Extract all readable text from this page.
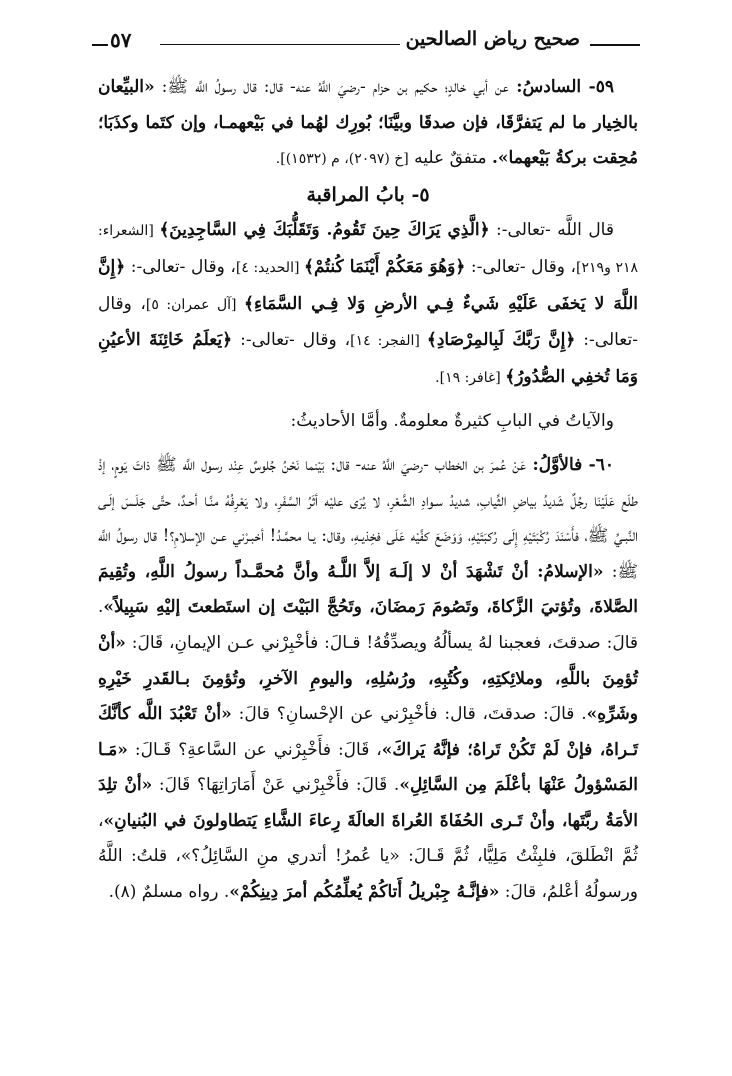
صحيح رياض الصالحين
٥٧

٥٩- السادسُ: عن أبي خالدٍ؛ حكيم بن حزام -رضيَ اللَّهُ عنه- قال: قال رسولُ اللَّه ﷺ: «البيِّعان بالخِيار ما لم يَتفرَّقَا، فإن صدقَا وبيَّنَا؛ بُورِك لهُما في بَيْعهمـا، وإن كتَما وكذَبَا؛ مُحِقت بركةُ بَيْعهما». متفقٌ عليه [خ (٢٠٩٧)، م (١٥٣٢)].

٥- بابُ المراقبة

قال اللَّه -تعالى-: ﴿الَّذِي يَرَاكَ حِينَ تَقُومُ. وَتَقَلُّبَكَ فِي السَّاجِدِينَ﴾ [الشعراء: ٢١٨ و٢١٩]، وقال -تعالى-: ﴿وَهُوَ مَعَكُمْ أَيْنَمَا كُنتُمْ﴾ [الحديد: ٤]، وقال -تعالى-: ﴿إِنَّ اللَّهَ لا يَخفَى عَلَيْهِ شَيءٌ فِـي الأرضِ وَلا فِـي السَّمَاءِ﴾ [آل عمران: ٥]، وقال -تعالى-: ﴿إِنَّ رَبَّكَ لَبِالمِرْصَادِ﴾ [الفجر: ١٤]، وقال -تعالى-: ﴿يَعلَمُ خَائِنَةَ الأعيُنِ وَمَا تُخفِي الصُّدُورُ﴾ [غافر: ١٩].

والآياتُ في البابِ كثيرةٌ معلومةٌ. وأمَّا الأحاديثُ:

٦٠- فالأوَّلُ: عَنْ عُمرَ بن الخطاب -رضيَ اللَّهُ عنه- قال: بَيْنما نَحْنُ جُلوسٌ عِنْد رسول اللَّه ﷺ ذاتَ يَومٍ، إذْ طلَع عَلَيْنَا رجُلٌ شَديدُ بياضِ الثِّيابِ، شديدُ سـوادِ الشَّعْرِ، لا يُرَى عليْه أثَرُ السَّفَرِ، ولا يَعْرِفُهُ منَّـا أحـدٌ، حتَّى جَلَـسَ إلَـى النَّبـيِّ ﷺ، فأَسْنَدَ رُكْبَتَيْهِ إِلَى رُكبَتَيْهِ، وَوَضَعَ كفَّيْه عَلَى فخِذيـهِ، وقال: يـا محمَّـدُ! أخبـرْني عـن الإسلامِ؟! قال رسولُ اللَّه ﷺ: «الإسلامُ: أنْ تَشْهَدَ أنْ لا إلَـهَ إلاَّ اللَّـهُ وأنَّ مُحمَّـداً رسولُ اللَّهِ، وتُقِيمَ الصَّلاةَ، وتُؤتيَ الزَّكاةَ، وتَصُومَ رَمضَانَ، وتَحُجَّ البَيْتَ إن استَطعتَ إليْهِ سَبِيلاً». قالَ: صدقتَ، فعجبنا لهُ يسألُهُ ويصدِّقُهُ! قـالَ: فأخْبِرْني عـن الإيمانِ، قَالَ: «أنْ تُؤمِنَ باللَّهِ، وملائِكتِهِ، وكُتُبِهِ، ورُسُلِهِ، واليومِ الآخرِ، وتُؤمِنَ بـالقَدرِ خَيْرِهِ وشَرِّهِ». قالَ: صدقتَ، قال: فأخْبِرْني عن الإحْسانِ؟ قالَ: «أنْ تَعْبُدَ اللَّه كأنَّكَ تَـراهُ، فإنْ لَمْ تَكُنْ تَراهُ؛ فإنَّهُ يَراكَ»، قَالَ: فأَخْبِرْني عن السَّاعةِ؟ قَـالَ: «مَـا المَسْؤولُ عَنْهَا بأعْلَمَ مِن السَّائِلِ». قَالَ: فأَخْبِرْني عَنْ أَمَارَاتِهَا؟ قَالَ: «أنْ تلِدَ الأمَةُ ربَّتَها، وأنْ تَـرى الحُفَاةَ العُراةَ العالَةَ رِعاءَ الشَّاءِ يَتطاولونَ في البُنيانِ»، ثُمَّ انْطَلقَ، فلبِثْتُ مَلِيًّا، ثُمَّ قَـالَ: «يا عُمرُ! أتدري منِ السَّائِلُ؟»، قلتُ: اللَّهُ ورسولُهُ أعْلمُ، قالَ: «فإنَّـهُ جِبْريلُ أَتاكُمْ يُعلِّمُكُم أمرَ دِينِكُمْ». رواه مسلمٌ (٨).
